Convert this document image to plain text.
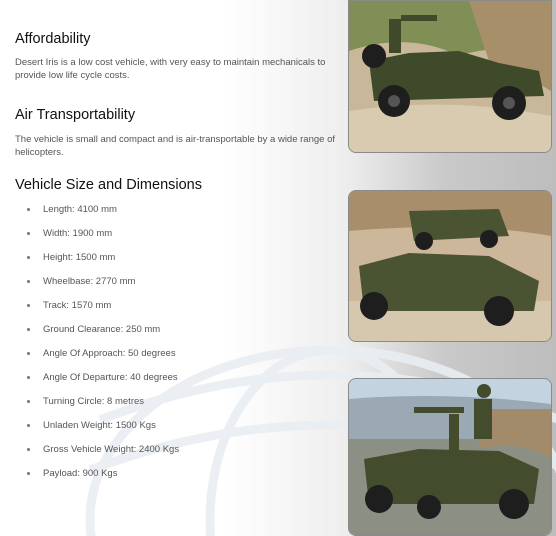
Affordability

Desert Iris is a low cost vehicle, with very easy to maintain mechanicals to provide low life cycle costs.

Air Transportability

The vehicle is small and compact and is air-transportable by a wide range of helicopters.

Vehicle Size and Dimensions
Length: 4100 mm
Width: 1900 mm
Height: 1500 mm
Wheelbase: 2770 mm
Track: 1570 mm
Ground Clearance: 250 mm
Angle Of Approach: 50 degrees
Angle Of Departure: 40 degrees
Turning Circle: 8 metres
Unladen Weight: 1500 Kgs
Gross Vehicle Weight: 2400 Kgs
Payload: 900 Kgs
